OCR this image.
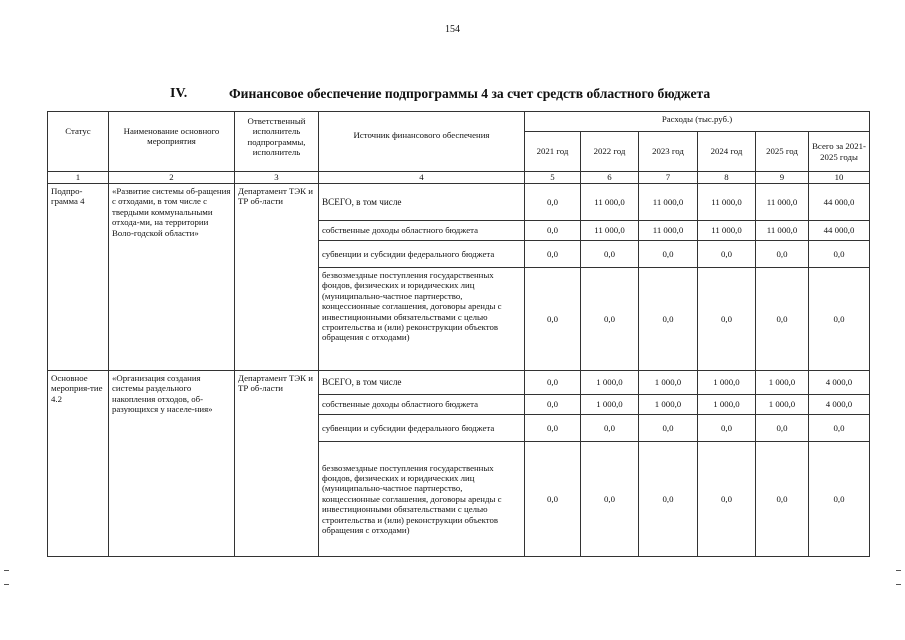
154
IV.	Финансовое обеспечение подпрограммы 4 за счет средств областного бюджета
Статус	Наименование основного мероприятия	Ответственный исполнитель подпрограммы, исполнитель	Источник финансового обеспечения	Расходы (тыс.руб.)					
				2021 год	2022 год	2023 год	2024 год	2025 год	Всего за 2021-2025 годы
1	2	3	4	5	6	7	8	9	10
Подпро-грамма 4	«Развитие системы об-ращения с отходами, в том числе с твердыми коммунальными отхода-ми, на территории Воло-годской области»	Департамент ТЭК и ТР об-ласти	ВСЕГО, в том числе	0,0	11 000,0	11 000,0	11 000,0	11 000,0	44 000,0
			собственные доходы областного бюджета	0,0	11 000,0	11 000,0	11 000,0	11 000,0	44 000,0
			субвенции и субсидии федерального бюджета	0,0	0,0	0,0	0,0	0,0	0,0
			безвозмездные поступления государственных фондов, физических и юридических лиц (муниципально-частное партнерство, концессионные соглашения, договоры аренды с инвестиционными обязательствами с целью строительства и (или) реконструкции объектов обращения с отходами)	0,0	0,0	0,0	0,0	0,0	0,0
Основное мероприя-тие 4.2	«Организация создания системы раздельного накопления отходов, об-разующихся у населе-ния»	Департамент ТЭК и ТР об-ласти	ВСЕГО, в том числе	0,0	1 000,0	1 000,0	1 000,0	1 000,0	4 000,0
			собственные доходы областного бюджета	0,0	1 000,0	1 000,0	1 000,0	1 000,0	4 000,0
			субвенции и субсидии федерального бюджета	0,0	0,0	0,0	0,0	0,0	0,0
			безвозмездные поступления государственных фондов, физических и юридических лиц (муниципально-частное партнерство, концессионные соглашения, договоры аренды с инвестиционными обязательствами с целью строительства и (или) реконструкции объектов обращения с отходами)	0,0	0,0	0,0	0,0	0,0	0,0
